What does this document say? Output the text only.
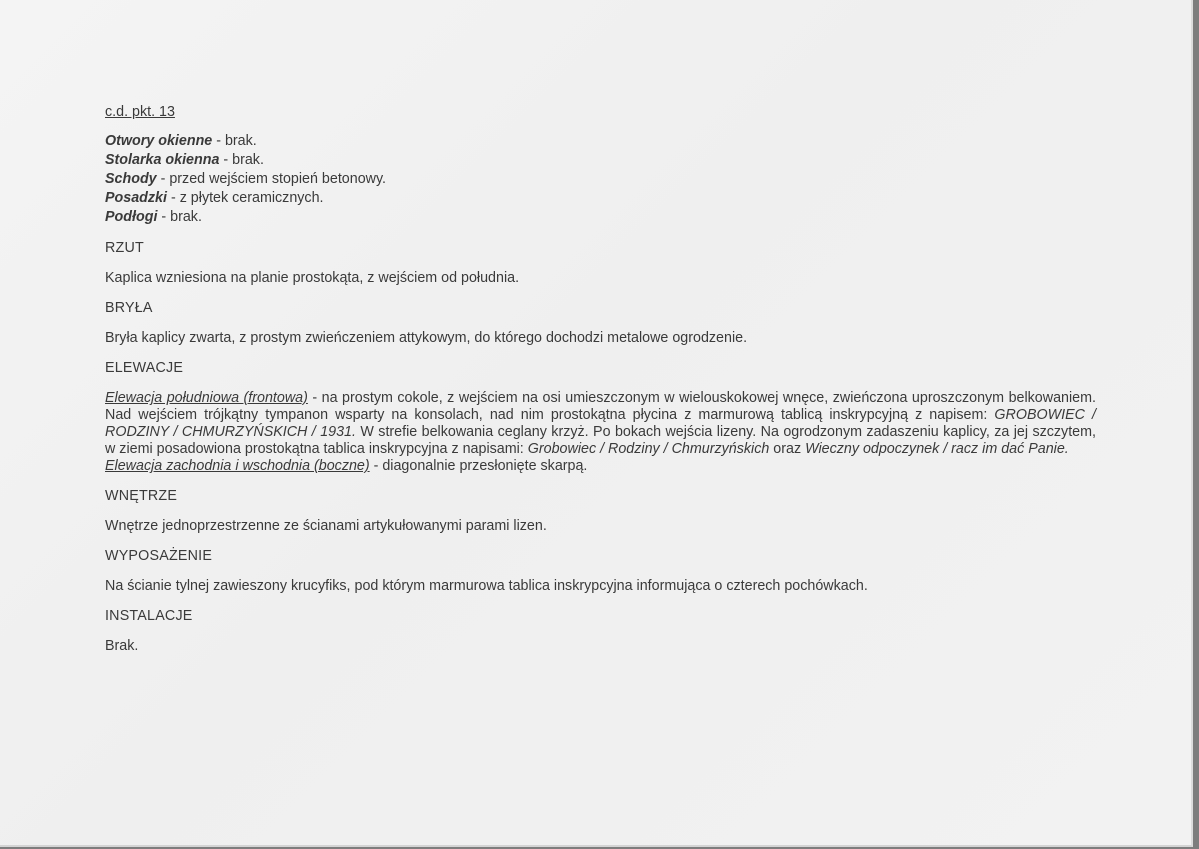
c.d. pkt. 13
Otwory okienne - brak.
Stolarka okienna - brak.
Schody - przed wejściem stopień betonowy.
Posadzki - z płytek ceramicznych.
Podłogi - brak.
RZUT
Kaplica wzniesiona na planie prostokąta, z wejściem od południa.
BRYŁA
Bryła kaplicy zwarta, z prostym zwieńczeniem attykowym, do którego dochodzi metalowe ogrodzenie.
ELEWACJE
Elewacja południowa (frontowa) - na prostym cokole, z wejściem na osi umieszczonym w wielouskokowej wnęce, zwieńczona uproszczonym belkowaniem. Nad wejściem trójkątny tympanon wsparty na konsolach, nad nim prostokątna płycina z marmurową tablicą inskrypcyjną z napisem: GROBOWIEC / RODZINY / CHMURZYŃSKICH / 1931. W strefie belkowania ceglany krzyż. Po bokach wejścia lizeny. Na ogrodzonym zadaszeniu kaplicy, za jej szczytem, w ziemi posadowiona prostokątna tablica inskrypcyjna z napisami: Grobowiec / Rodziny / Chmurzyńskich oraz Wieczny odpoczynek / racz im dać Panie.
Elewacja zachodnia i wschodnia (boczne) - diagonalnie przesłonięte skarpą.
WNĘTRZE
Wnętrze jednoprzestrzenne ze ścianami artykułowanymi parami lizen.
WYPOSAŻENIE
Na ścianie tylnej zawieszony krucyfiks, pod którym marmurowa tablica inskrypcyjna informująca o czterech pochówkach.
INSTALACJE
Brak.
